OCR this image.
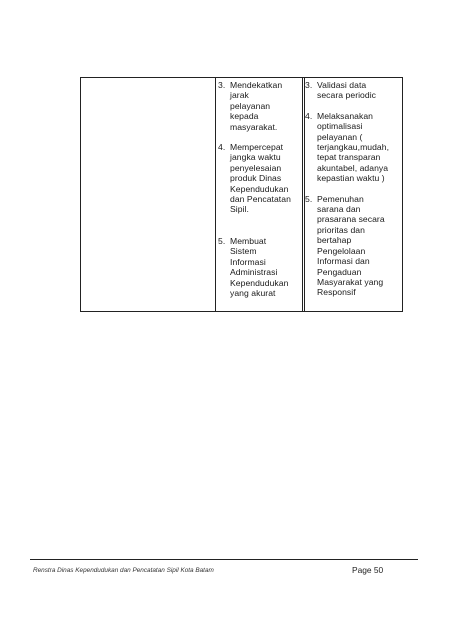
3. Mendekatkan
jarak
pelayanan
kepada
masyarakat.
4. Mempercepat
jangka waktu
penyelesaian
produk Dinas
Kependudukan
dan Pencatatan
Sipil.
5. Membuat
Sistem
Informasi
Administrasi
Kependudukan
yang akurat
3. Validasi data
secara periodic
4. Melaksanakan
optimalisasi
pelayanan (
terjangkau,mudah,
tepat transparan
akuntabel, adanya
kepastian waktu )
5. Pemenuhan
sarana dan
prasarana secara
prioritas dan
bertahap
Pengelolaan
Informasi dan
Pengaduan
Masyarakat yang
Responsif
Renstra Dinas Kependudukan dan Pencatatan Sipil Kota Batam	Page 50
